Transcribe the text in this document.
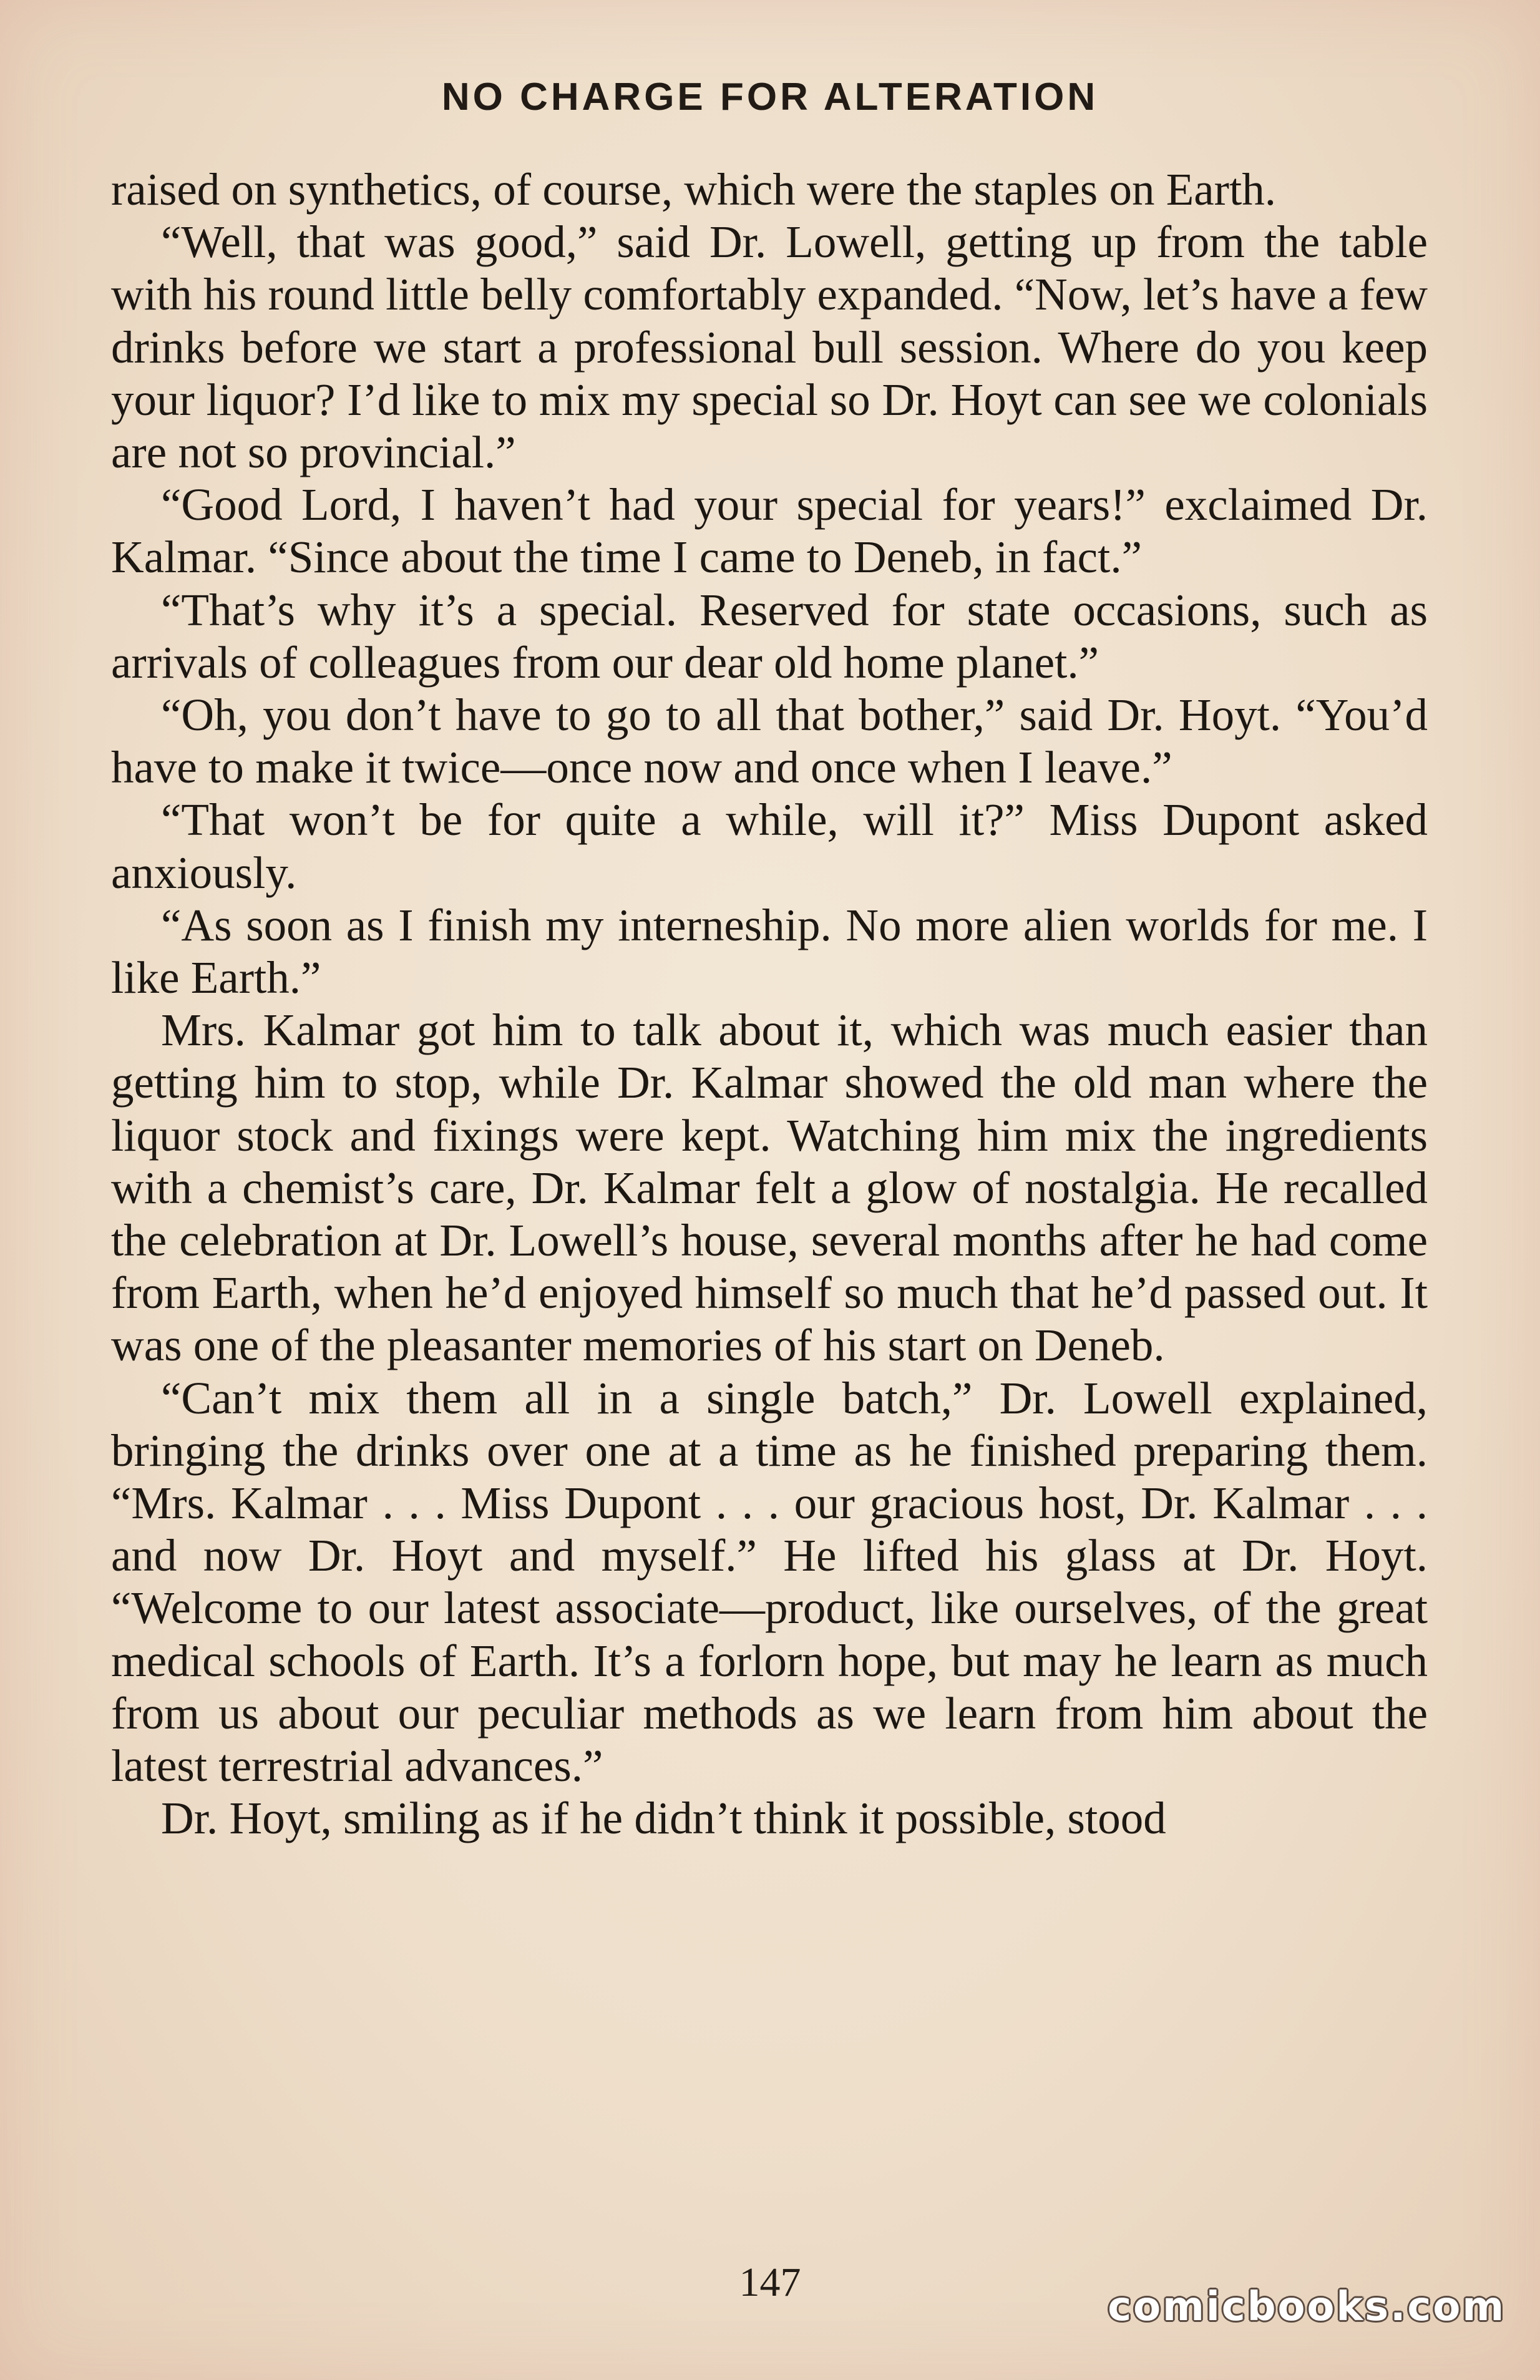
NO CHARGE FOR ALTERATION

raised on synthetics, of course, which were the staples on Earth.

“Well, that was good,” said Dr. Lowell, getting up from the table with his round little belly comfortably expanded. “Now, let’s have a few drinks before we start a professional bull session. Where do you keep your liquor? I’d like to mix my special so Dr. Hoyt can see we colonials are not so provincial.”

“Good Lord, I haven’t had your special for years!” exclaimed Dr. Kalmar. “Since about the time I came to Deneb, in fact.”

“That’s why it’s a special. Reserved for state occasions, such as arrivals of colleagues from our dear old home planet.”

“Oh, you don’t have to go to all that bother,” said Dr. Hoyt. “You’d have to make it twice—once now and once when I leave.”

“That won’t be for quite a while, will it?” Miss Dupont asked anxiously.

“As soon as I finish my interneship. No more alien worlds for me. I like Earth.”

Mrs. Kalmar got him to talk about it, which was much easier than getting him to stop, while Dr. Kalmar showed the old man where the liquor stock and fixings were kept. Watching him mix the ingredients with a chemist’s care, Dr. Kalmar felt a glow of nostalgia. He recalled the celebration at Dr. Lowell’s house, several months after he had come from Earth, when he’d enjoyed himself so much that he’d passed out. It was one of the pleasanter memories of his start on Deneb.

“Can’t mix them all in a single batch,” Dr. Lowell explained, bringing the drinks over one at a time as he finished preparing them. “Mrs. Kalmar . . . Miss Dupont . . . our gracious host, Dr. Kalmar . . . and now Dr. Hoyt and myself.” He lifted his glass at Dr. Hoyt. “Welcome to our latest associate—product, like ourselves, of the great medical schools of Earth. It’s a forlorn hope, but may he learn as much from us about our peculiar methods as we learn from him about the latest terrestrial advances.”

Dr. Hoyt, smiling as if he didn’t think it possible, stood

147
comicbooks.com
